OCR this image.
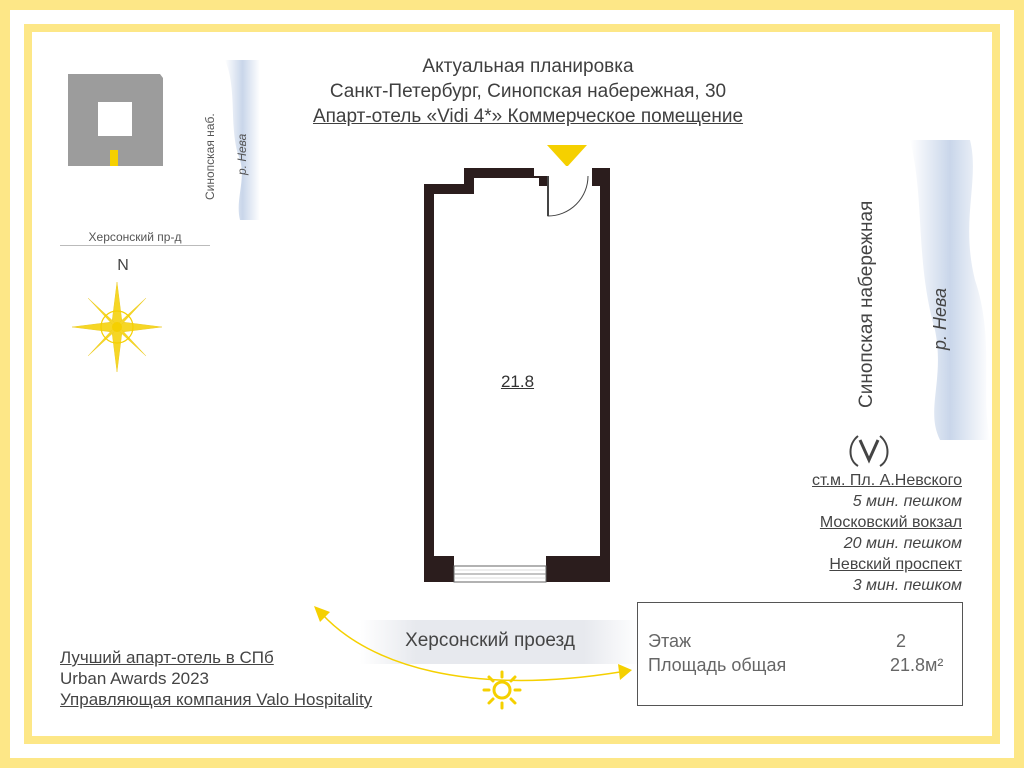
Актуальная планировка
Санкт-Петербург, Синопская набережная, 30
Апарт-отель «Vidi 4*» Коммерческое помещение
Синопская наб. р. Нева
Херсонский пр-д
N
21.8	Синопская набережная	р. Нева
ст.м. Пл. А.Невского
5 мин. пешком
Московский вокзал
20 мин. пешком
Невский проспект
3 мин. пешком
Херсонский проезд
Лучший апарт-отель в СПб
Urban Awards 2023
Управляющая компания Valo Hospitality
Этаж	2
Площадь общая	21.8м²
